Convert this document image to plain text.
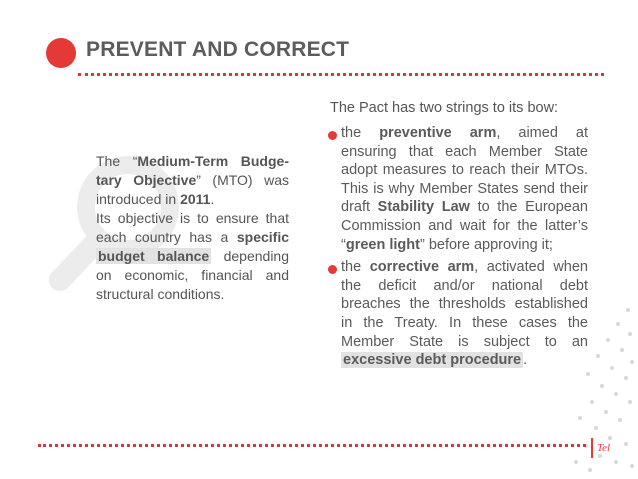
PREVENT AND CORRECT

The “Medium-Term Budge-tary Objective” (MTO) was introduced in 2011.

Its objective is to ensure that each country has a specific budget balance depending on economic, financial and structural conditions.

The Pact has two strings to its bow:

the preventive arm, aimed at ensuring that each Member State adopt measures to reach their MTOs. This is why Member States send their draft Stability Law to the European Commission and wait for the latter’s “green light” before approving it;
the corrective arm, activated when the deficit and/or national debt breaches the thresholds established in the Treaty. In these cases the Member State is subject to an excessive debt procedure .
Tel
